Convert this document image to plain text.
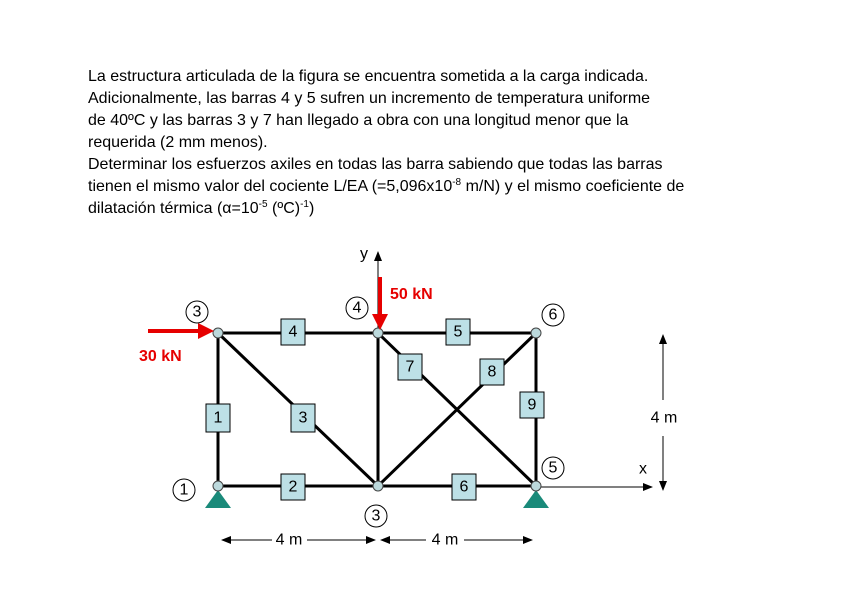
La estructura articulada de la figura se encuentra sometida a la carga indicada.
Adicionalmente, las barras 4 y 5 sufren un incremento de temperatura uniforme
de 40ºC y las barras 3 y 7 han llegado a obra con una longitud menor que la
requerida (2 mm menos).
Determinar los esfuerzos axiles en todas las barra sabiendo que todas las barras
tienen el mismo valor del cociente L/EA ($=5,096x10^{-8}$ m/N) y el mismo coeficiente de
dilatación térmica ($\alpha=10^{-5}$ (ºC)$^{-1}$)
y
x
50 kN
30 kN
1
3	4	6
5
3
1
2
3
4	5
6
7	8
9
4 m	4 m
4 m
